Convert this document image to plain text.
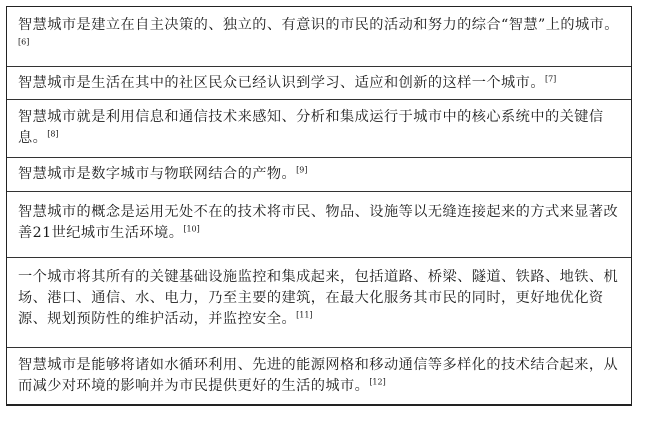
智慧城市是建立在自主决策的、独立的、有意识的市民的活动和努力的综合“智慧”上的城市。[6]
智慧城市是生活在其中的社区民众已经认识到学习、适应和创新的这样一个城市。[7]
智慧城市就是利用信息和通信技术来感知、分析和集成运行于城市中的核心系统中的关键信息。[8]
智慧城市是数字城市与物联网结合的产物。[9]
智慧城市的概念是运用无处不在的技术将市民、物品、设施等以无缝连接起来的方式来显著改善21世纪城市生活环境。[10]
一个城市将其所有的关键基础设施监控和集成起来，包括道路、桥梁、隧道、铁路、地铁、机场、港口、通信、水、电力，乃至主要的建筑，在最大化服务其市民的同时，更好地优化资源、规划预防性的维护活动，并监控安全。[11]
智慧城市是能够将诸如水循环利用、先进的能源网格和移动通信等多样化的技术结合起来，从而减少对环境的影响并为市民提供更好的生活的城市。[12]
